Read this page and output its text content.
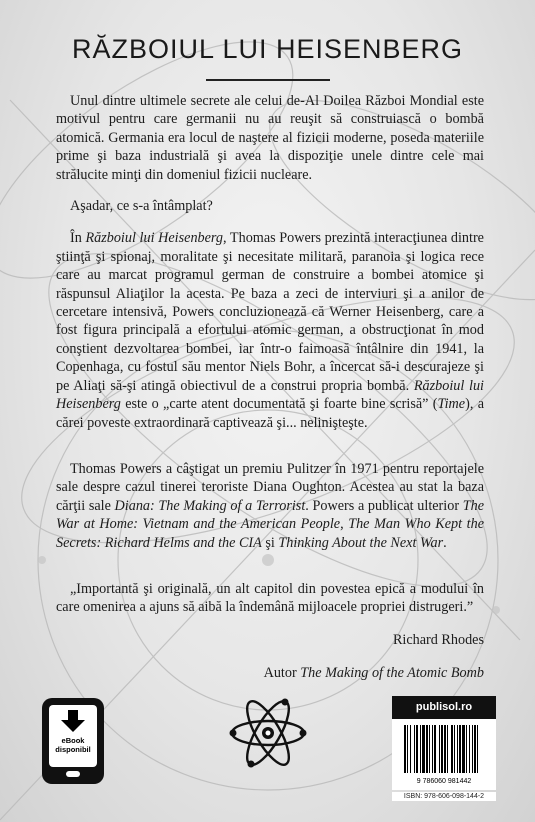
RĂZBOIUL LUI HEISENBERG

Unul dintre ultimele secrete ale celui de-Al Doilea Război Mondial este motivul pentru care germanii nu au reuşit să construiască o bombă atomică. Germania era locul de naştere al fizicii moderne, poseda materiile prime şi baza industrială şi avea la dispoziţie unele dintre cele mai strălucite minţi din domeniul fizicii nucleare.

Aşadar, ce s-a întâmplat?

În Războiul lui Heisenberg, Thomas Powers prezintă interacţiunea dintre ştiinţă şi spionaj, moralitate şi necesitate militară, paranoia şi logica rece care au marcat programul german de construire a bombei atomice şi răspunsul Aliaţilor la acesta. Pe baza a zeci de interviuri şi a anilor de cercetare intensivă, Powers concluzionează că Werner Heisenberg, care a fost figura principală a efortului atomic german, a obstrucţionat în mod conştient dezvoltarea bombei, iar într-o faimoasă întâlnire din 1941, la Copenhaga, cu fostul său mentor Niels Bohr, a încercat să-i descurajeze şi pe Aliaţi să-şi atingă obiectivul de a construi propria bombă. Războiul lui Heisenberg este o „carte atent documentată şi foarte bine scrisă” (Time), a cărei poveste extraordinară captivează şi... nelinişteşte.

Thomas Powers a câştigat un premiu Pulitzer în 1971 pentru reportajele sale despre cazul tinerei teroriste Diana Oughton. Acestea au stat la baza cărţii sale Diana: The Making of a Terrorist. Powers a publicat ulterior The War at Home: Vietnam and the American People, The Man Who Kept the Secrets: Richard Helms and the CIA şi Thinking About the Next War.

„Importantă şi originală, un alt capitol din povestea epică a modului în care omenirea a ajuns să aibă la îndemână mijloacele propriei distrugeri.”

Richard Rhodes

Autor The Making of the Atomic Bomb

eBook
disponibil
publisol.ro
9 786060 981442
ISBN: 978-606-098-144-2
